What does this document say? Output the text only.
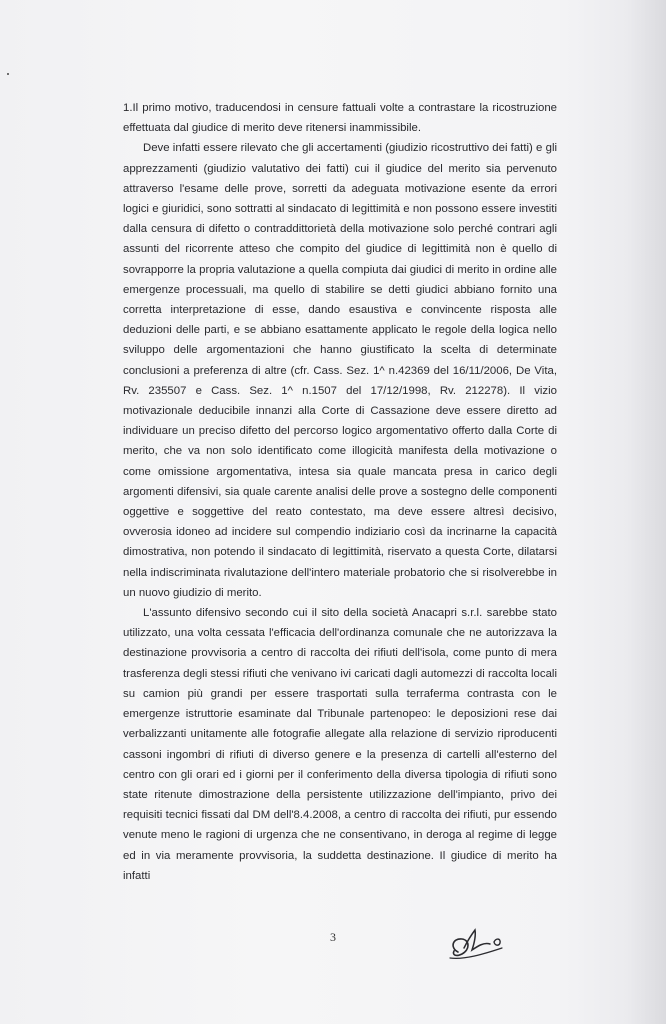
1.Il primo motivo, traducendosi in censure fattuali volte a contrastare la ricostruzione effettuata dal giudice di merito deve ritenersi inammissibile.

Deve infatti essere rilevato che gli accertamenti (giudizio ricostruttivo dei fatti) e gli apprezzamenti (giudizio valutativo dei fatti) cui il giudice del merito sia pervenuto attraverso l'esame delle prove, sorretti da adeguata motivazione esente da errori logici e giuridici, sono sottratti al sindacato di legittimità e non possono essere investiti dalla censura di difetto o contraddittorietà della motivazione solo perché contrari agli assunti del ricorrente atteso che compito del giudice di legittimità non è quello di sovrapporre la propria valutazione a quella compiuta dai giudici di merito in ordine alle emergenze processuali, ma quello di stabilire se detti giudici abbiano fornito una corretta interpretazione di esse, dando esaustiva e convincente risposta alle deduzioni delle parti, e se abbiano esattamente applicato le regole della logica nello sviluppo delle argomentazioni che hanno giustificato la scelta di determinate conclusioni a preferenza di altre (cfr. Cass. Sez. 1^ n.42369 del 16/11/2006, De Vita, Rv. 235507 e Cass. Sez. 1^ n.1507 del 17/12/1998, Rv. 212278). Il vizio motivazionale deducibile innanzi alla Corte di Cassazione deve essere diretto ad individuare un preciso difetto del percorso logico argomentativo offerto dalla Corte di merito, che va non solo identificato come illogicità manifesta della motivazione o come omissione argomentativa, intesa sia quale mancata presa in carico degli argomenti difensivi, sia quale carente analisi delle prove a sostegno delle componenti oggettive e soggettive del reato contestato, ma deve essere altresì decisivo, ovverosia idoneo ad incidere sul compendio indiziario così da incrinarne la capacità dimostrativa, non potendo il sindacato di legittimità, riservato a questa Corte, dilatarsi nella indiscriminata rivalutazione dell'intero materiale probatorio che si risolverebbe in un nuovo giudizio di merito.

L'assunto difensivo secondo cui il sito della società Anacapri s.r.l. sarebbe stato utilizzato, una volta cessata l'efficacia dell'ordinanza comunale che ne autorizzava la destinazione provvisoria a centro di raccolta dei rifiuti dell'isola, come punto di mera trasferenza degli stessi rifiuti che venivano ivi caricati dagli automezzi di raccolta locali su camion più grandi per essere trasportati sulla terraferma contrasta con le emergenze istruttorie esaminate dal Tribunale partenopeo: le deposizioni rese dai verbalizzanti unitamente alle fotografie allegate alla relazione di servizio riproducenti cassoni ingombri di rifiuti di diverso genere e la presenza di cartelli all'esterno del centro con gli orari ed i giorni per il conferimento della diversa tipologia di rifiuti sono state ritenute dimostrazione della persistente utilizzazione dell'impianto, privo dei requisiti tecnici fissati dal DM dell'8.4.2008, a centro di raccolta dei rifiuti, pur essendo venute meno le ragioni di urgenza che ne consentivano, in deroga al regime di legge ed in via meramente provvisoria, la suddetta destinazione. Il giudice di merito ha infatti

3
